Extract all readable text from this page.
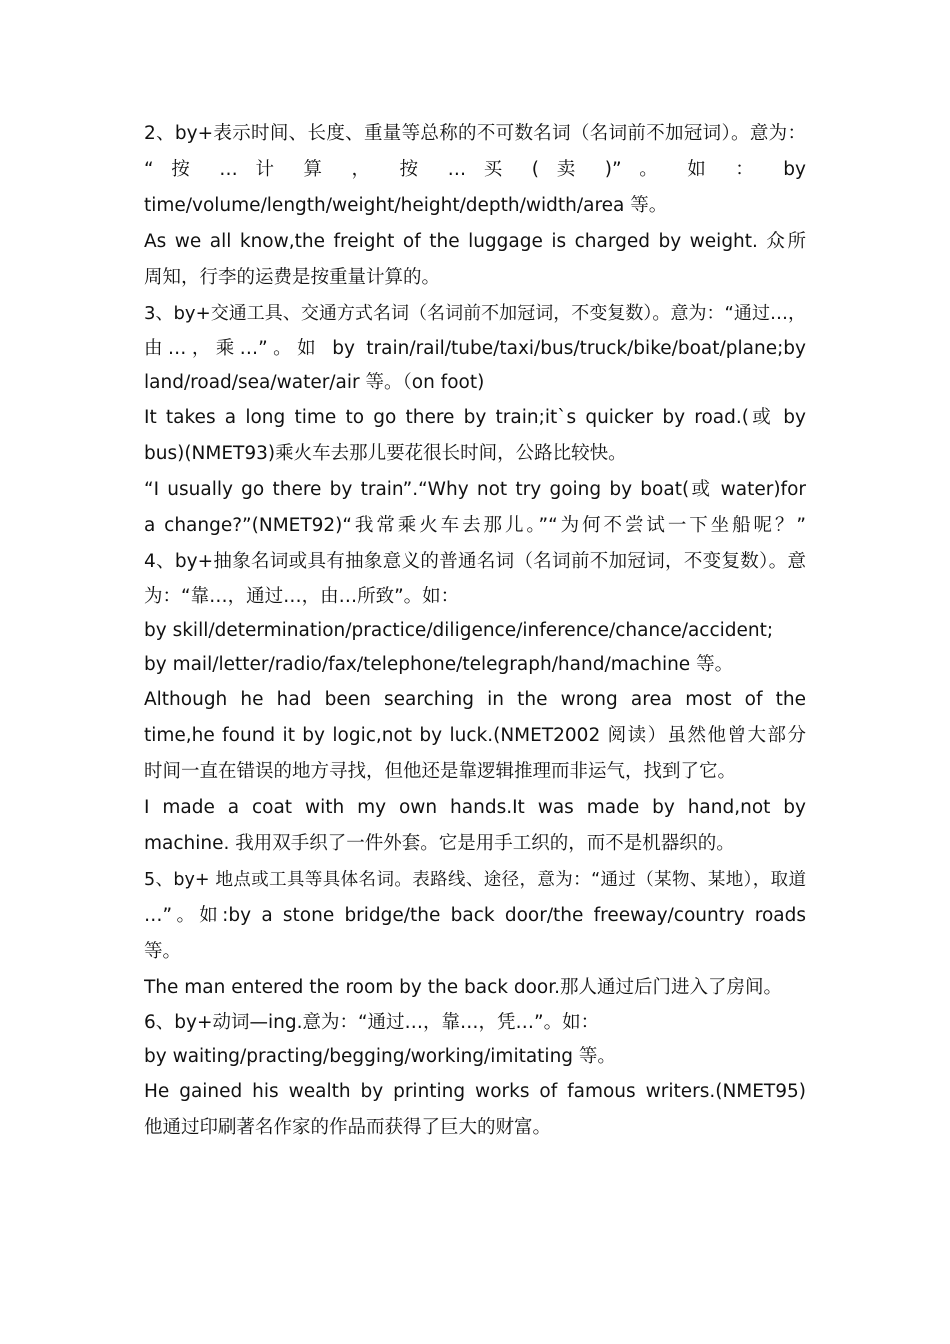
2、by+表示时间、长度、重量等总称的不可数名词（名词前不加冠词）。意为：
“ 按 … 计 算 ， 按 … 买 ( 卖 )” 。 如 ： by
time/volume/length/weight/height/depth/width/area 等。
As we all know,the freight of the luggage is charged by weight. 众所
周知，行李的运费是按重量计算的。
3、by+交通工具、交通方式名词（名词前不加冠词，不变复数）。意为：“通过…，
由…，乘…”。如 by train/rail/tube/taxi/bus/truck/bike/boat/plane;by
land/road/sea/water/air 等。（on foot)
It takes a long time to go there by train;it`s quicker by road.(或 by
bus)(NMET93)乘火车去那儿要花很长时间，公路比较快。
“I usually go there by train”.“Why not try going by boat(或 water)for
a change?”(NMET92)“我常乘火车去那儿。”“为何不尝试一下坐船呢？”
4、by+抽象名词或具有抽象意义的普通名词（名词前不加冠词，不变复数）。意
为：“靠…，通过…，由…所致”。如：
by skill/determination/practice/diligence/inference/chance/accident;
by mail/letter/radio/fax/telephone/telegraph/hand/machine 等。
Although he had been searching in the wrong area most of the
time,he found it by logic,not by luck.(NMET2002 阅读）虽然他曾大部分
时间一直在错误的地方寻找，但他还是靠逻辑推理而非运气，找到了它。
I made a coat with my own hands.It was made by hand,not by
machine. 我用双手织了一件外套。它是用手工织的，而不是机器织的。
5、by+ 地点或工具等具体名词。表路线、途径，意为：“通过（某物、某地），取道
…”。如:by a stone bridge/the back door/the freeway/country roads
等。
The man entered the room by the back door.那人通过后门进入了房间。
6、by+动词—ing.意为：“通过…，靠…，凭…”。如：
by waiting/practing/begging/working/imitating 等。
He gained his wealth by printing works of famous writers.(NMET95)
他通过印刷著名作家的作品而获得了巨大的财富。
